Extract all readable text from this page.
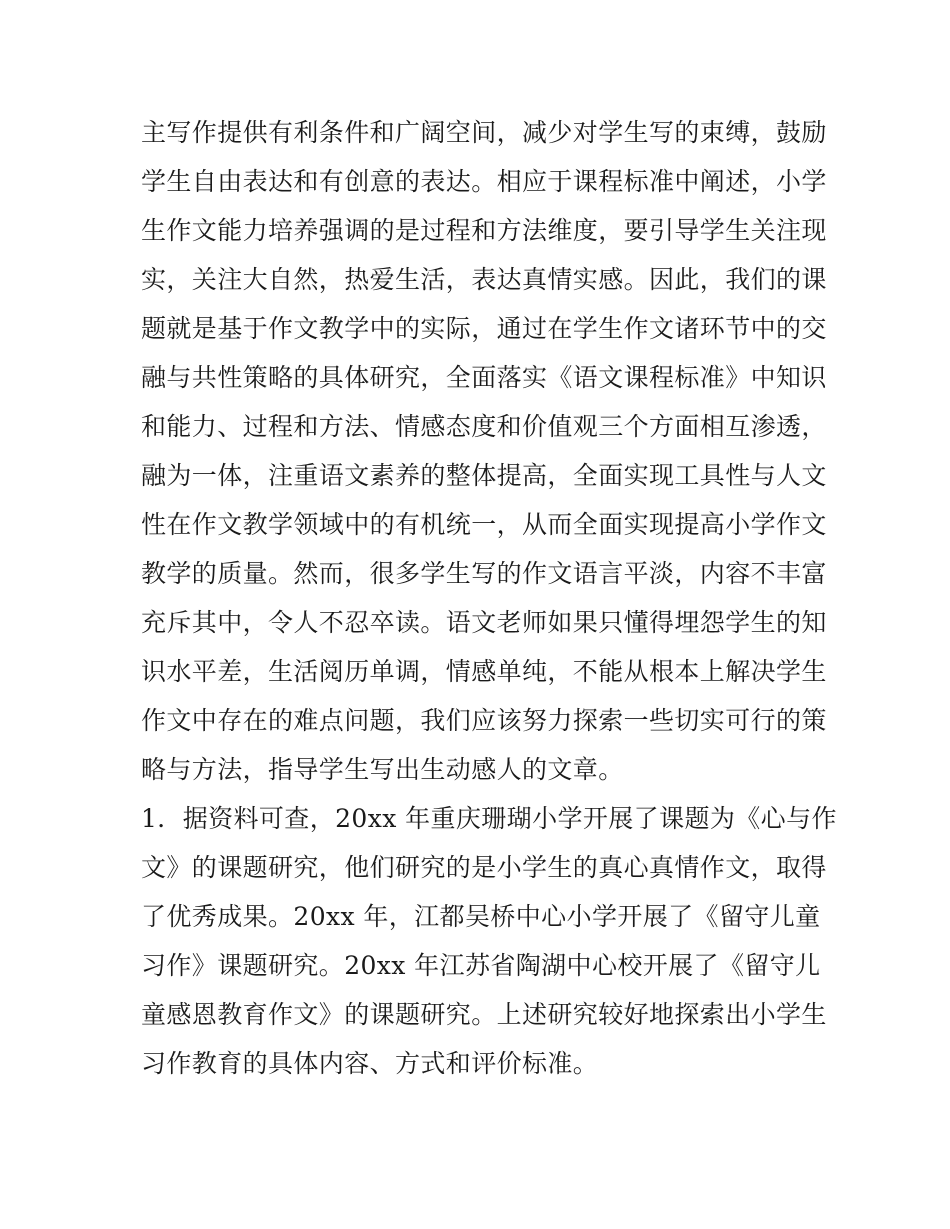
主写作提供有利条件和广阔空间，减少对学生写的束缚，鼓励
学生自由表达和有创意的表达。相应于课程标准中阐述，小学
生作文能力培养强调的是过程和方法维度，要引导学生关注现
实，关注大自然，热爱生活，表达真情实感。因此，我们的课
题就是基于作文教学中的实际，通过在学生作文诸环节中的交
融与共性策略的具体研究，全面落实《语文课程标准》中知识
和能力、过程和方法、情感态度和价值观三个方面相互渗透，
融为一体，注重语文素养的整体提高，全面实现工具性与人文
性在作文教学领域中的有机统一，从而全面实现提高小学作文
教学的质量。然而，很多学生写的作文语言平淡，内容不丰富
充斥其中，令人不忍卒读。语文老师如果只懂得埋怨学生的知
识水平差，生活阅历单调，情感单纯，不能从根本上解决学生
作文中存在的难点问题，我们应该努力探索一些切实可行的策
略与方法，指导学生写出生动感人的文章。
1．据资料可查，20xx 年重庆珊瑚小学开展了课题为《心与作
文》的课题研究，他们研究的是小学生的真心真情作文，取得
了优秀成果。20xx 年，江都吴桥中心小学开展了《留守儿童
习作》课题研究。20xx 年江苏省陶湖中心校开展了《留守儿
童感恩教育作文》的课题研究。上述研究较好地探索出小学生
习作教育的具体内容、方式和评价标准。
